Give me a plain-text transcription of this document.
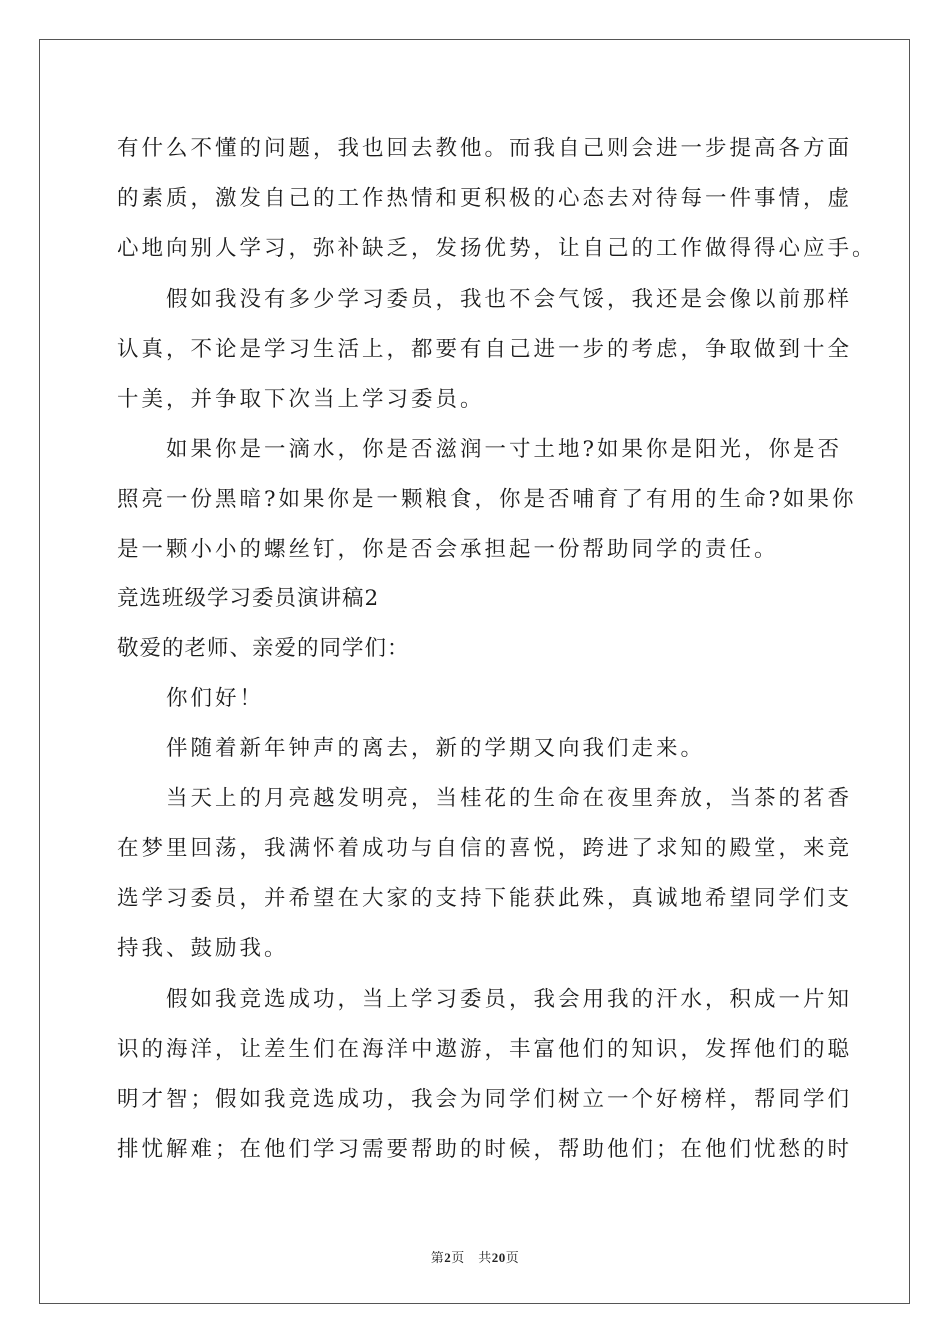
有什么不懂的问题，我也回去教他。而我自己则会进一步提高各方面
的素质，激发自己的工作热情和更积极的心态去对待每一件事情，虚
心地向别人学习，弥补缺乏，发扬优势，让自己的工作做得得心应手。
　　假如我没有多少学习委员，我也不会气馁，我还是会像以前那样
认真，不论是学习生活上，都要有自己进一步的考虑，争取做到十全
十美，并争取下次当上学习委员。
　　如果你是一滴水，你是否滋润一寸土地?如果你是阳光，你是否
照亮一份黑暗?如果你是一颗粮食，你是否哺育了有用的生命?如果你
是一颗小小的螺丝钉，你是否会承担起一份帮助同学的责任。
竞选班级学习委员演讲稿2
敬爱的老师、亲爱的同学们：
　　你们好！
　　伴随着新年钟声的离去，新的学期又向我们走来。
　　当天上的月亮越发明亮，当桂花的生命在夜里奔放，当茶的茗香
在梦里回荡，我满怀着成功与自信的喜悦，跨进了求知的殿堂，来竞
选学习委员，并希望在大家的支持下能获此殊，真诚地希望同学们支
持我、鼓励我。
　　假如我竞选成功，当上学习委员，我会用我的汗水，积成一片知
识的海洋，让差生们在海洋中遨游，丰富他们的知识，发挥他们的聪
明才智；假如我竞选成功，我会为同学们树立一个好榜样，帮同学们
排忧解难；在他们学习需要帮助的时候，帮助他们；在他们忧愁的时
第2页　共20页
